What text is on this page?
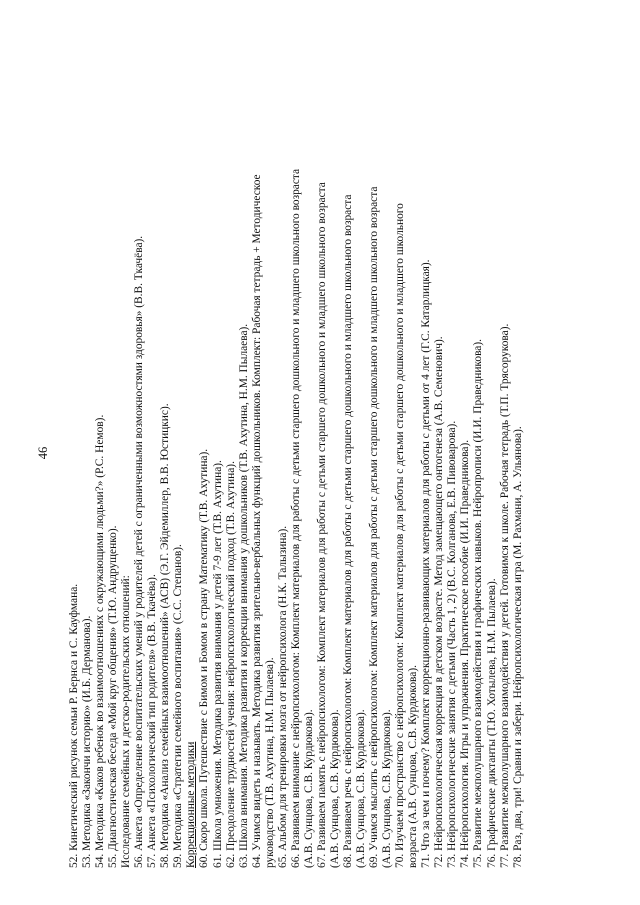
46
52. Кинетический рисунок семьи Р. Бернса и С. Кауфмана. 53. Методика «Закончи историю» (И.Б. Дерманова). 54. Методика «Каков ребенок во взаимоотношениях с окружающими людьми?» (Р.С. Немов). 55. Диагностическая беседа «Мой круг общения» (Т.Ю. Андрущенко). Исследование семейных и детско-родительских отношений: 56. Анкета «Определение воспитательских умений у родителей детей с ограниченными возможностями здоровья» (В.В. Ткачёва). 57. Анкета «Психологический тип родителя» (В.В. Ткачёва). 58. Методика «Анализ семейных взаимоотношений» (АСВ) (Э.Г. Эйдемиллер, В.В. Юстицкис). 59. Методика «Стратегии семейного воспитания» (С.С. Степанов). Коррекционные методики 60. Скоро школа. Путешествие с Бимом и Бомом в страну Математику (Т.В. Ахутина). 61. Школа умножения. Методика развития внимания у детей 7-9 лет (Т.В. Ахутина). 62. Преодоление трудностей учения: нейропсихологический подход (Т.В. Ахутина). 63. Школа внимания. Методика развития и коррекции внимания у дошкольников (Т.В. Ахутина, Н.М. Пылаева). 64. Учимся видеть и называть. Методика развития зрительно-вербальных функций дошкольников. Комплект: Рабочая тетрадь + Методическое руководство (Т.В. Ахутина, Н.М. Пылаева). 65. Альбом для тренировки мозга от нейропсихолога (Н.К. Талызина). 66. Развиваем внимание с нейропсихологом: Комплект материалов для работы с детьми старшего дошкольного и младшего школьного возраста (А.В. Сунцова, С.В. Курдюкова). 67. Развиваем память с нейропсихологом: Комплект материалов для работы с детьми старшего дошкольного и младшего школьного возраста (А.В. Сунцова, С.В. Курдюкова). 68. Развиваем речь с нейропсихологом: Комплект материалов для работы с детьми старшего дошкольного и младшего школьного возраста (А.В. Сунцова, С.В. Курдюкова). 69. Учимся мыслить с нейропсихологом: Комплект материалов для работы с детьми старшего дошкольного и младшего школьного возраста (А.В. Сунцова, С.В. Курдюкова). 70. Изучаем пространство с нейропсихологом: Комплект материалов для работы с детьми старшего дошкольного и младшего школьного возраста (А.В. Сунцова, С.В. Курдюкова). 71. Что за чем и почему? Комплект коррекционно-развивающих материалов для работы с детьми от 4 лет (Г.С. Катарлицкая). 72. Нейропсихологическая коррекция в детском возрасте. Метод замещающего онтогенеза (А.В. Семенович). 73. Нейропсихологические занятия с детьми (Часть 1, 2) (В.С. Колганова, Е.В. Пивоварова). 74. Нейропсихология. Игры и упражнения. Практическое пособие (И.И. Праведникова). 75. Развитие межполушарного взаимодействия и графических навыков. Нейропрописи (И.И. Праведникова). 76. Графические диктанты (Т.Ю. Хотылева, Н.М. Пылаева). 77. Развитие межполушарного взаимодействия у детей. Готовимся к школе. Рабочая тетрадь (Т.П. Трясорукова). 78. Раз, два, три! Сравни и забери. Нейропсихологическая игра (М. Рахмани, А. Ульянова).
